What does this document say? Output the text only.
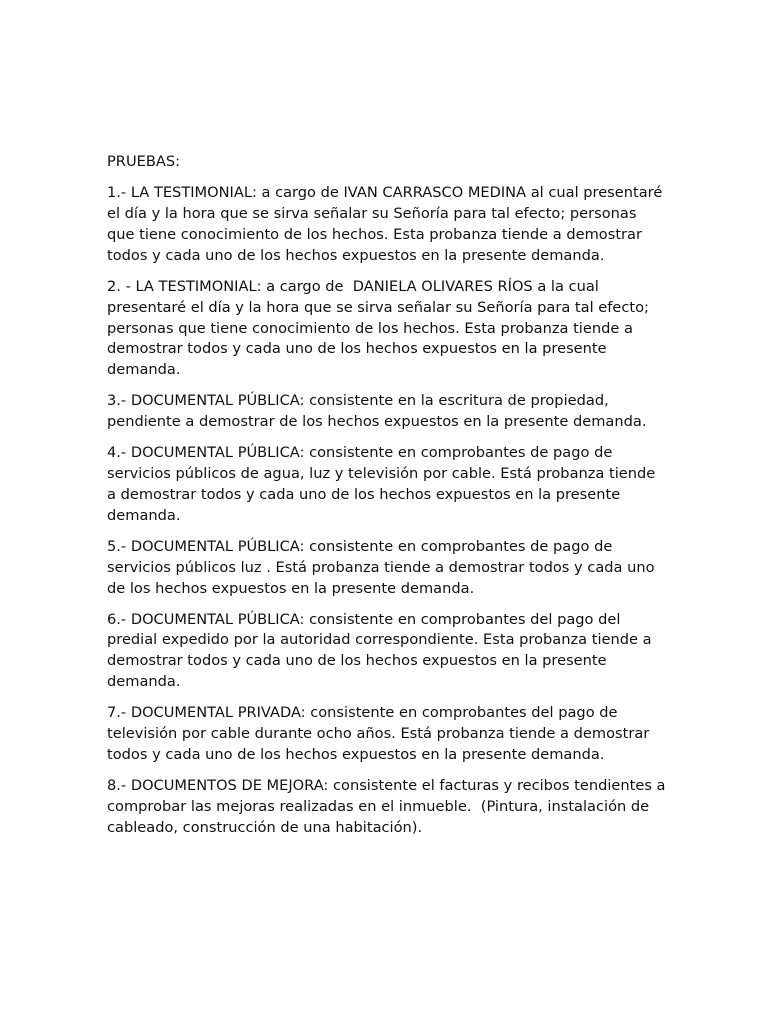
PRUEBAS:

1.- LA TESTIMONIAL: a cargo de IVAN CARRASCO MEDINA al cual presentaré el día y la hora que se sirva señalar su Señoría para tal efecto; personas que tiene conocimiento de los hechos. Esta probanza tiende a demostrar todos y cada uno de los hechos expuestos en la presente demanda.

2. - LA TESTIMONIAL: a cargo de  DANIELA OLIVARES RÍOS a la cual presentaré el día y la hora que se sirva señalar su Señoría para tal efecto; personas que tiene conocimiento de los hechos. Esta probanza tiende a demostrar todos y cada uno de los hechos expuestos en la presente demanda.

3.- DOCUMENTAL PÚBLICA: consistente en la escritura de propiedad, pendiente a demostrar de los hechos expuestos en la presente demanda.

4.- DOCUMENTAL PÚBLICA: consistente en comprobantes de pago de servicios públicos de agua, luz y televisión por cable. Está probanza tiende a demostrar todos y cada uno de los hechos expuestos en la presente demanda.

5.- DOCUMENTAL PÚBLICA: consistente en comprobantes de pago de servicios públicos luz . Está probanza tiende a demostrar todos y cada uno de los hechos expuestos en la presente demanda.

6.- DOCUMENTAL PÚBLICA: consistente en comprobantes del pago del predial expedido por la autoridad correspondiente. Esta probanza tiende a demostrar todos y cada uno de los hechos expuestos en la presente demanda.

7.- DOCUMENTAL PRIVADA: consistente en comprobantes del pago de televisión por cable durante ocho años. Está probanza tiende a demostrar todos y cada uno de los hechos expuestos en la presente demanda.

8.- DOCUMENTOS DE MEJORA: consistente el facturas y recibos tendientes a comprobar las mejoras realizadas en el inmueble.  (Pintura, instalación de cableado, construcción de una habitación).
